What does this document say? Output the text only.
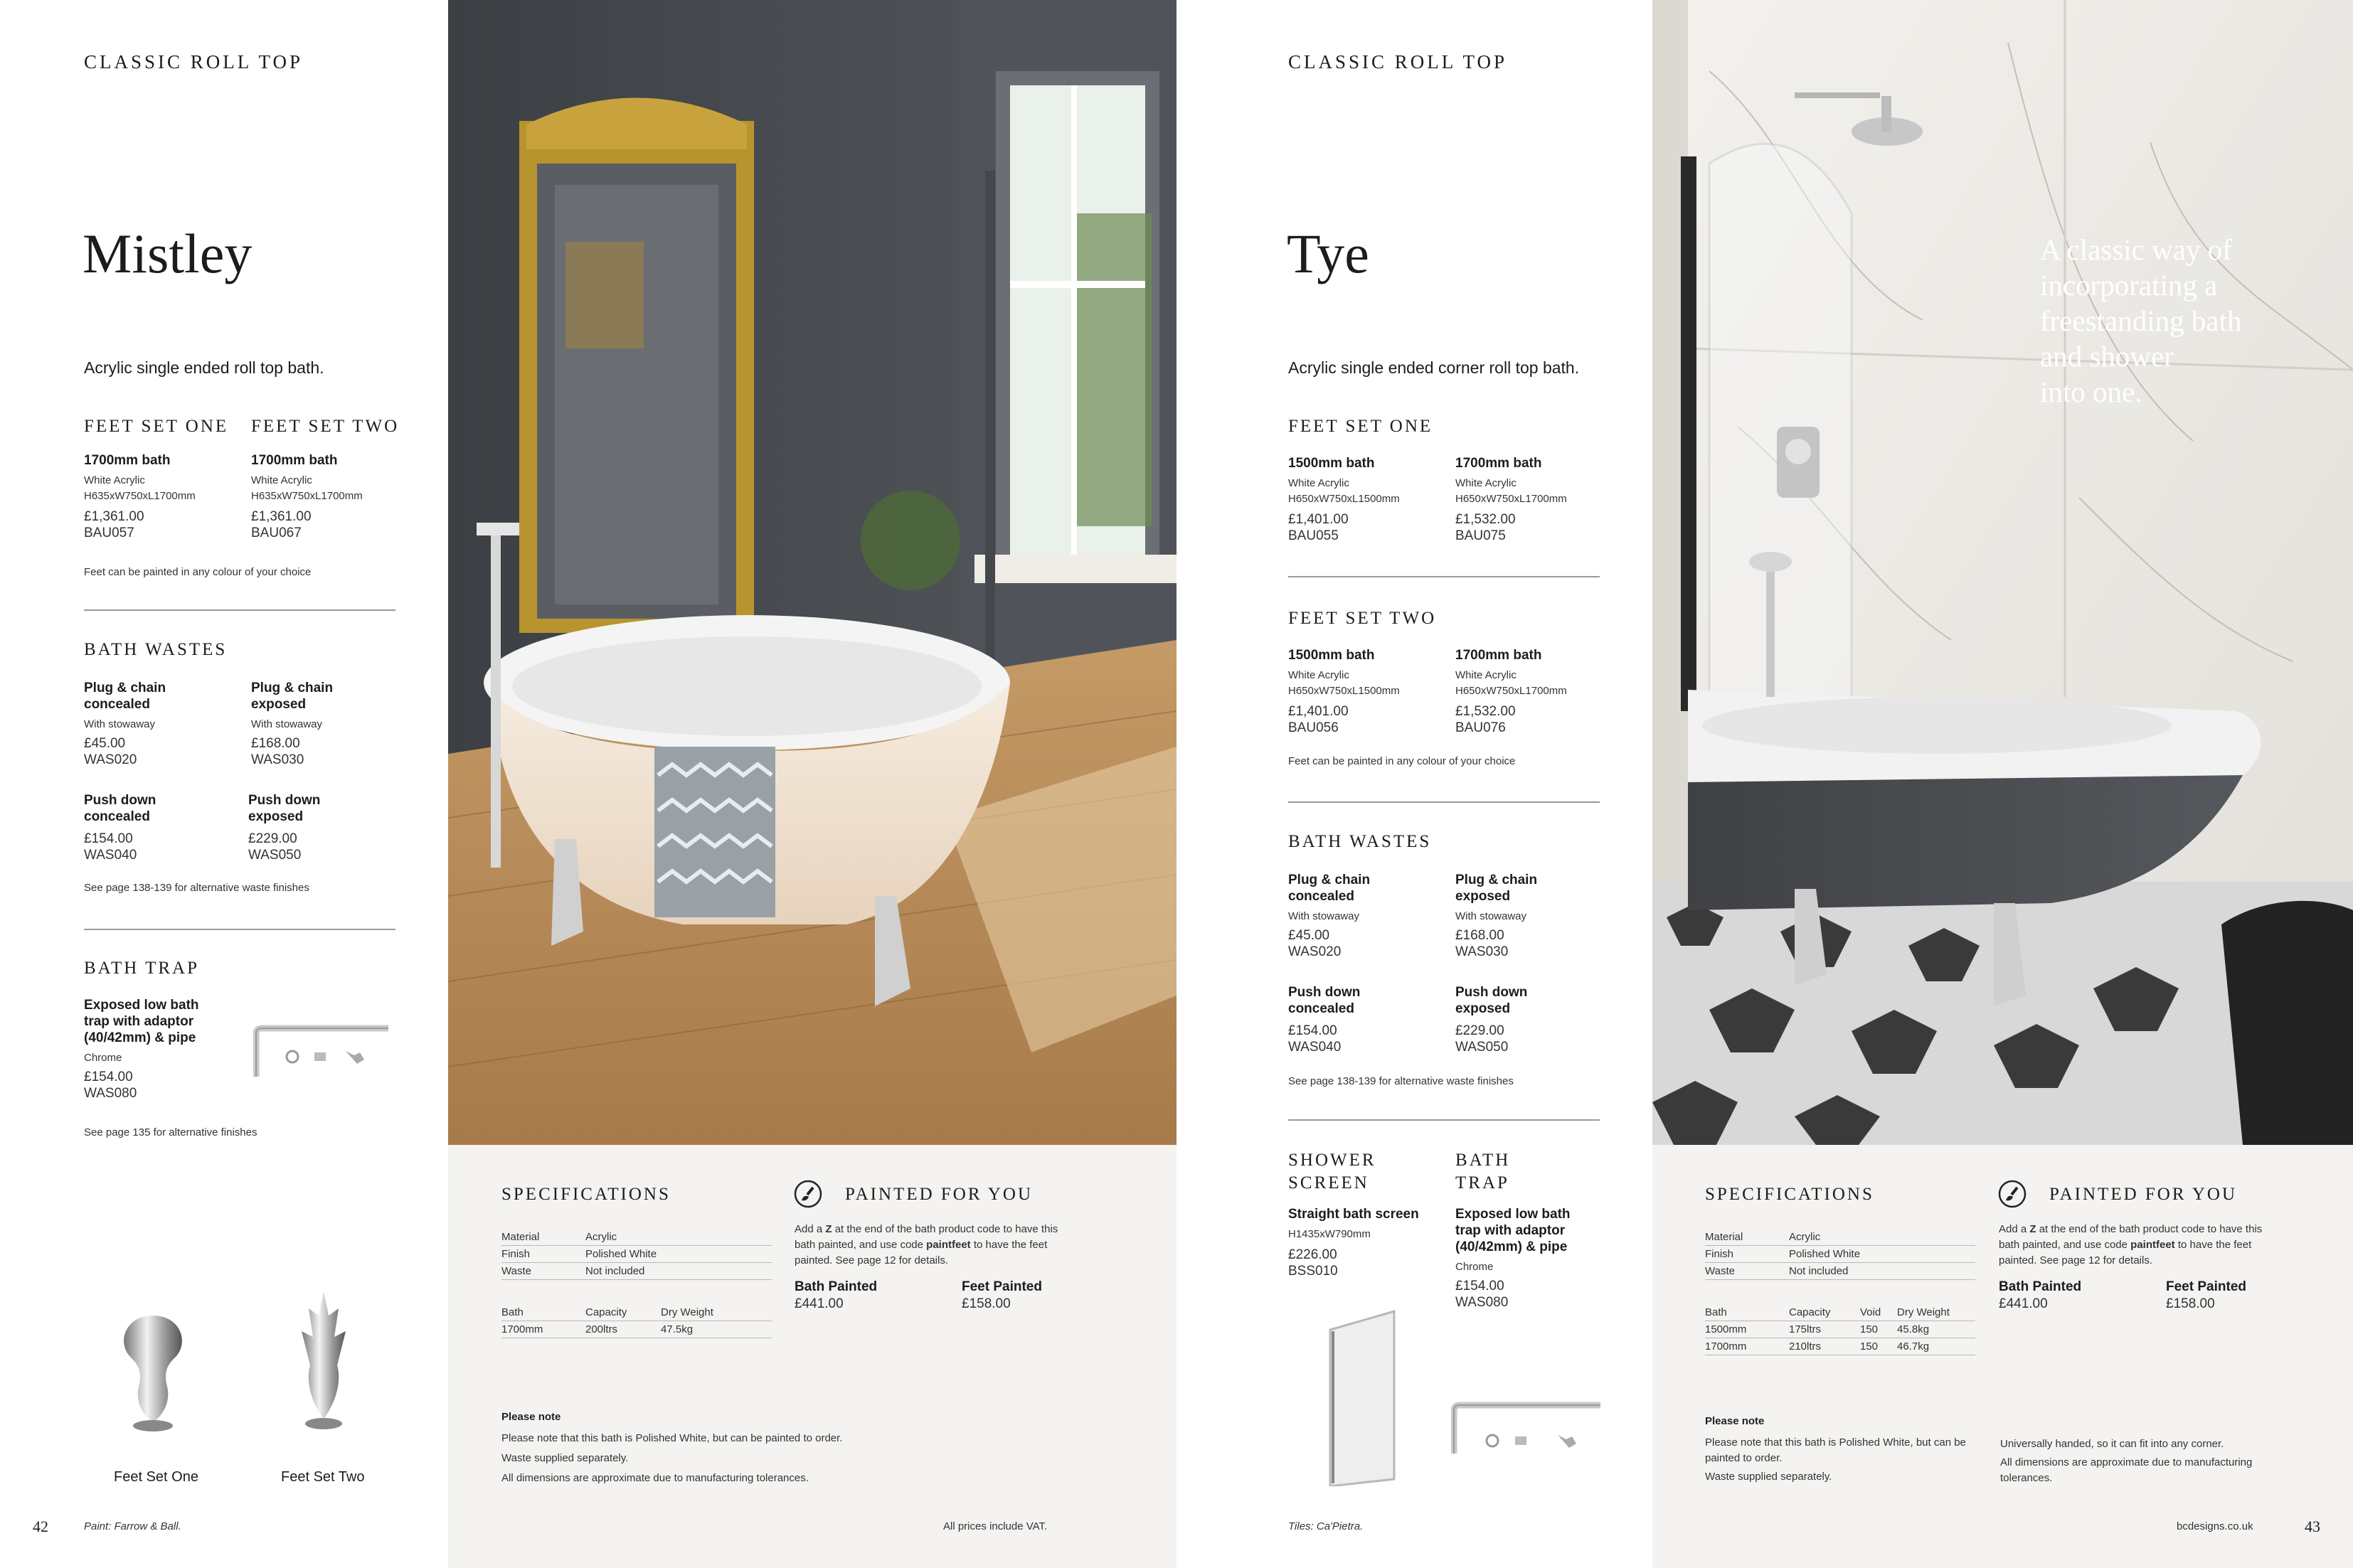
CLASSIC ROLL TOP
Mistley
Acrylic single ended roll top bath.
FEET SET ONE
1700mm bath
White Acrylic
H635xW750xL1700mm
£1,361.00
BAU057
FEET SET TWO
1700mm bath
White Acrylic
H635xW750xL1700mm
£1,361.00
BAU067
Feet can be painted in any colour of your choice
BATH WASTES
Plug & chain
concealed
With stowaway
£45.00
WAS020
Plug & chain
exposed
With stowaway
£168.00
WAS030
Push down
concealed
£154.00
WAS040
Push down
exposed
£229.00
WAS050
See page 138-139 for alternative waste finishes
BATH TRAP
Exposed low bath
trap with adaptor
(40/42mm) & pipe
Chrome
£154.00
WAS080
See page 135 for alternative finishes
Feet Set One	Feet Set Two
42	Paint: Farrow & Ball.
SPECIFICATIONS
Material	Acrylic
Finish	Polished White
Waste	Not included
Bath	Capacity	Dry Weight
1700mm	200ltrs	47.5kg
PAINTED FOR YOU
Add a Z at the end of the bath product code to have this bath painted, and use code paintfeet to have the feet painted. See page 12 for details.
Bath Painted
£441.00
Feet Painted
£158.00
Please note
Please note that this bath is Polished White, but can be painted to order.
Waste supplied separately.
All dimensions are approximate due to manufacturing tolerances.
All prices include VAT.
CLASSIC ROLL TOP
Tye
Acrylic single ended corner roll top bath.
FEET SET ONE
1500mm bath
White Acrylic
H650xW750xL1500mm
£1,401.00
BAU055
1700mm bath
White Acrylic
H650xW750xL1700mm
£1,532.00
BAU075
FEET SET TWO
1500mm bath
White Acrylic
H650xW750xL1500mm
£1,401.00
BAU056
1700mm bath
White Acrylic
H650xW750xL1700mm
£1,532.00
BAU076
Feet can be painted in any colour of your choice
BATH WASTES
Plug & chain
concealed
With stowaway
£45.00
WAS020
Plug & chain
exposed
With stowaway
£168.00
WAS030
Push down
concealed
£154.00
WAS040
Push down
exposed
£229.00
WAS050
See page 138-139 for alternative waste finishes
SHOWER
SCREEN
Straight bath screen
H1435xW790mm
£226.00
BSS010
BATH
TRAP
Exposed low bath
trap with adaptor
(40/42mm) & pipe
Chrome
£154.00
WAS080
Tiles: Ca'Pietra.
A classic way of
incorporating a
freestanding bath
and shower
into one.
SPECIFICATIONS
Material	Acrylic
Finish	Polished White
Waste	Not included
Bath	Capacity	Void	Dry Weight
1500mm	175ltrs	150	45.8kg
1700mm	210ltrs	150	46.7kg
PAINTED FOR YOU
Add a Z at the end of the bath product code to have this bath painted, and use code paintfeet to have the feet painted. See page 12 for details.
Bath Painted
£441.00
Feet Painted
£158.00
Please note
Please note that this bath is Polished White, but can be painted to order.
Waste supplied separately.
Universally handed, so it can fit into any corner.
All dimensions are approximate due to manufacturing tolerances.
bcdesigns.co.uk	43
